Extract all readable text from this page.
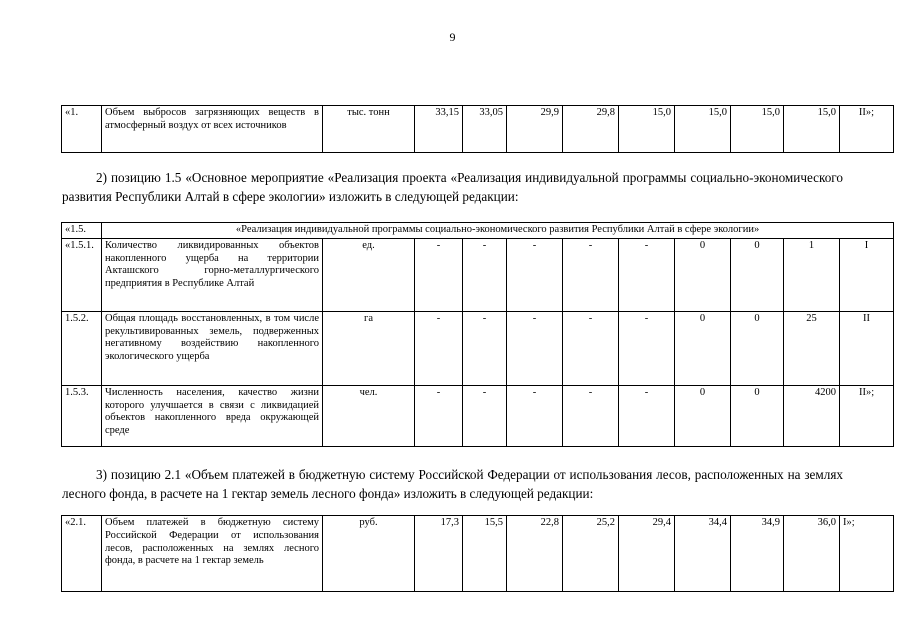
9
«1.	Объем выбросов загрязняющих веществ в атмосферный воздух от всех источников	тыс. тонн	33,15	33,05	29,9	29,8	15,0	15,0	15,0	15,0	II»;
2) позицию 1.5 «Основное мероприятие «Реализация проекта «Реализация индивидуальной программы социально-экономического развития Республики Алтай в сфере экологии» изложить в следующей редакции:
«1.5.	«Реализация индивидуальной программы социально-экономического развития Республики Алтай в сфере экологии»										
«1.5.1.	Количество ликвидированных объектов накопленного ущерба на территории Акташского горно-металлургического предприятия в Республике Алтай	ед.	-	-	-	-	-	0	0	1	I
1.5.2.	Общая площадь восстановленных, в том числе рекультивированных земель, подверженных негативному воздействию накопленного экологического ущерба	га	-	-	-	-	-	0	0	25	II
1.5.3.	Численность населения, качество жизни которого улучшается в связи с ликвидацией объектов накопленного вреда окружающей среде	чел.	-	-	-	-	-	0	0	4200	II»;
3) позицию 2.1 «Объем платежей в бюджетную систему Российской Федерации от использования лесов, расположенных на землях лесного фонда, в расчете на 1 гектар земель лесного фонда» изложить в следующей редакции:
«2.1.	Объем платежей в бюджетную систему Российской Федерации от использования лесов, расположенных на землях лесного фонда, в расчете на 1 гектар земель	руб.	17,3	15,5	22,8	25,2	29,4	34,4	34,9	36,0	I»;
